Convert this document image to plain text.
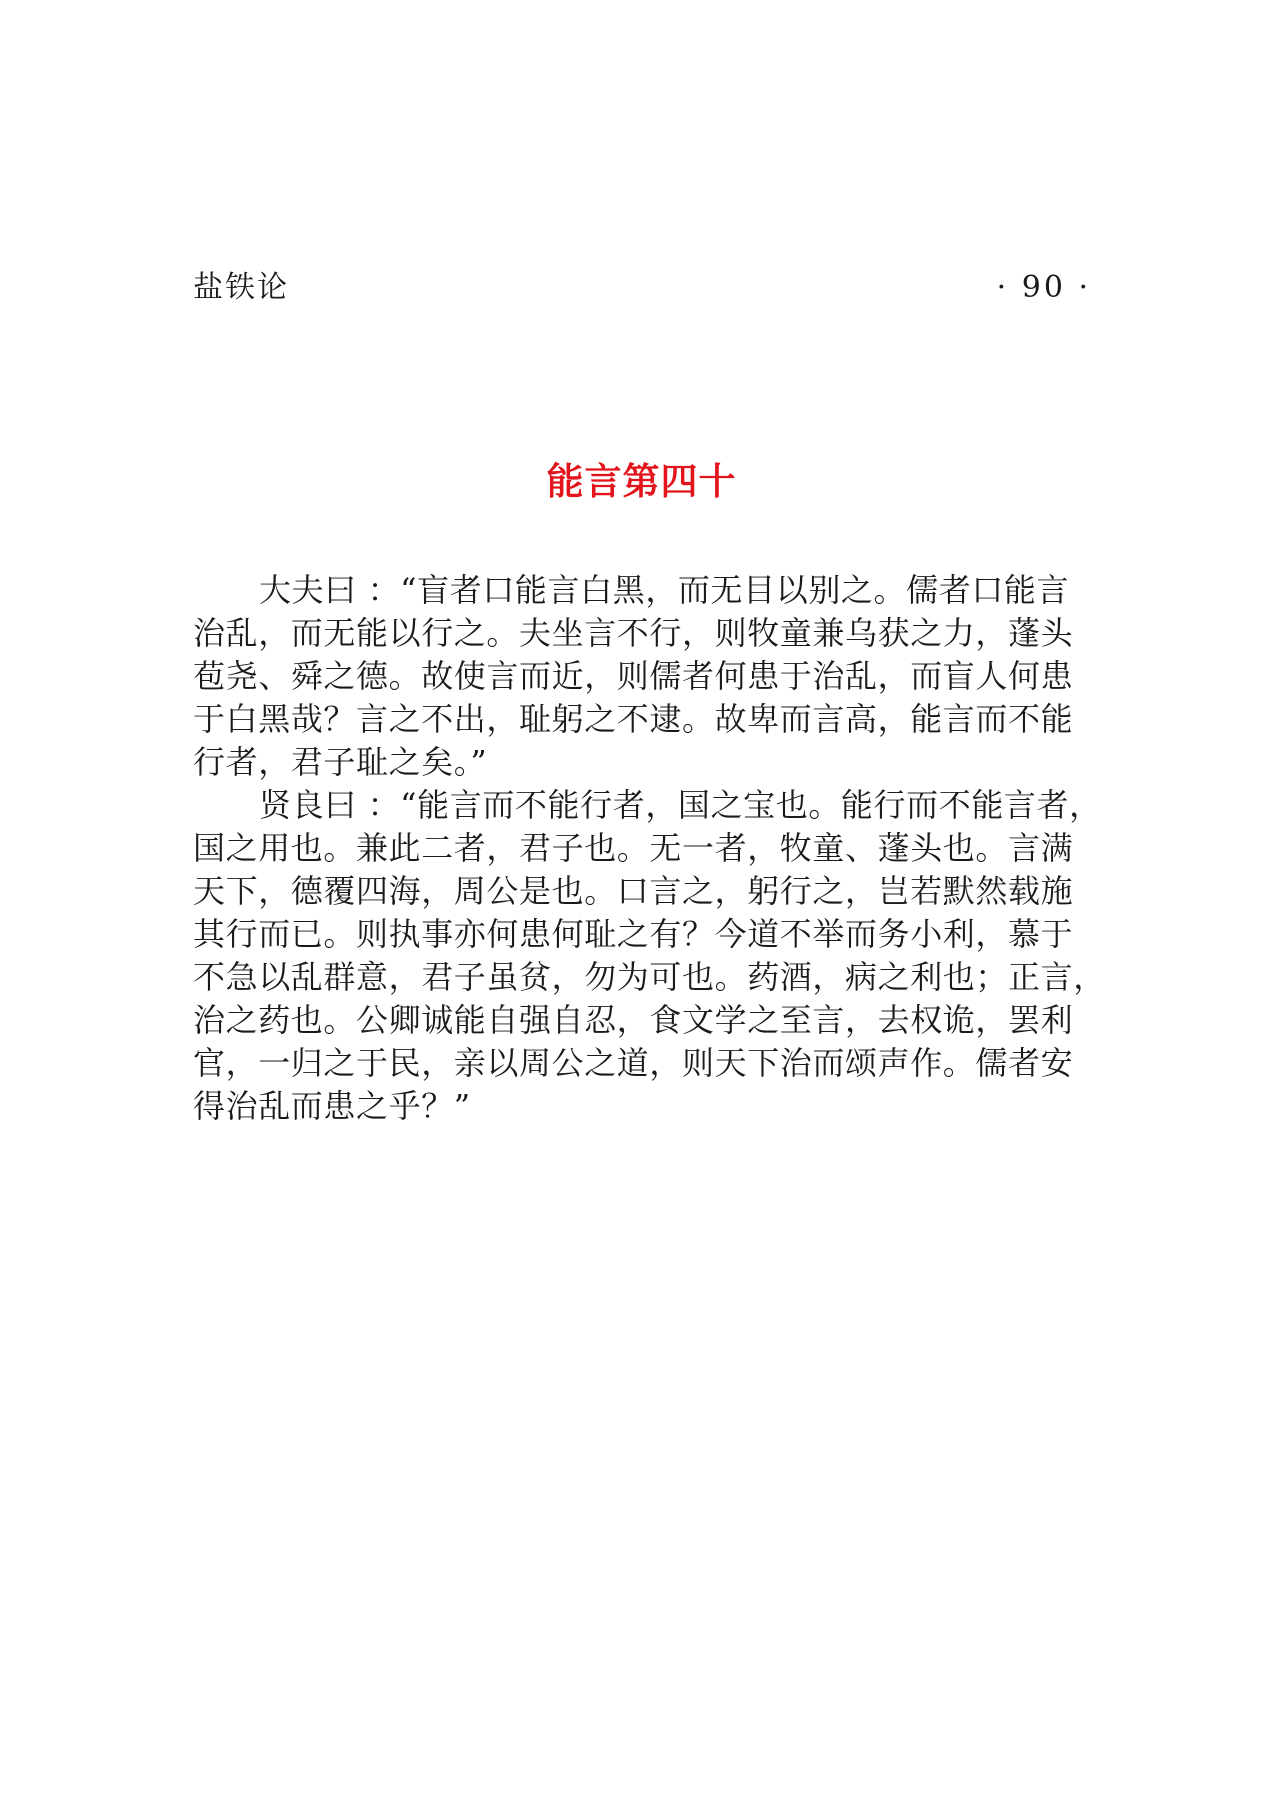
盐铁论	· 90 ·
能言第四十
大夫曰 ：“盲者口能言白黑，而无目以别之。儒者口能言
治乱，而无能以行之。夫坐言不行，则牧童兼乌获之力，蓬头
苞尧、舜之德。故使言而近，则儒者何患于治乱，而盲人何患
于白黑哉？言之不出，耻躬之不逮。故卑而言高，能言而不能
行者，君子耻之矣。”
贤良曰 ：“能言而不能行者，国之宝也。能行而不能言者，
国之用也。兼此二者，君子也。无一者，牧童、蓬头也。言满
天下，德覆四海，周公是也。口言之，躬行之，岂若默然载施
其行而已。则执事亦何患何耻之有？今道不举而务小利，慕于
不急以乱群意，君子虽贫，勿为可也。药酒，病之利也；正言，
治之药也。公卿诚能自强自忍，食文学之至言，去权诡，罢利
官，一归之于民，亲以周公之道，则天下治而颂声作。儒者安
得治乱而患之乎？”
